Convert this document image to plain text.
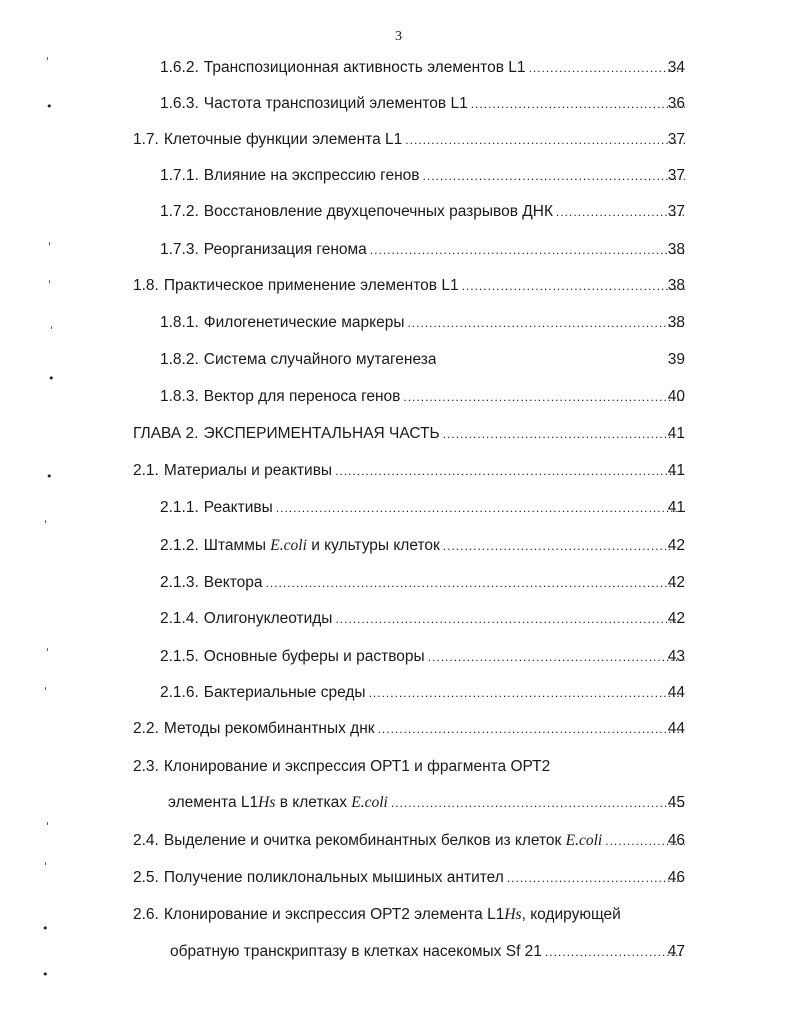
3
1.6.2. Транспозиционная активность элементов L1 .....	34
1.6.3. Частота транспозиций элементов L1 .....	36
1.7. Клеточные функции элемента L1 .....	37
1.7.1. Влияние на экспрессию генов .....	37
1.7.2. Восстановление двухцепочечных разрывов ДНК .....	37
1.7.3. Реорганизация генома .....	38
1.8. Практическое применение элементов L1 .....	38
1.8.1. Филогенетические маркеры .....	38
1.8.2. Система случайного мутагенеза	39
1.8.3. Вектор для переноса генов .....	40
ГЛАВА 2. ЭКСПЕРИМЕНТАЛЬНАЯ ЧАСТЬ .....	41
2.1. Материалы и реактивы .....	41
2.1.1. Реактивы .....	41
2.1.2. Штаммы E.coli и культуры клеток .....	42
2.1.3. Вектора .....	42
2.1.4. Олигонуклеотиды .....	42
2.1.5. Основные буферы и растворы .....	43
2.1.6. Бактериальные среды .....	44
2.2. Методы рекомбинантных днк .....	44
2.3. Клонирование и экспрессия ОРТ1 и фрагмента ОРТ2
элемента L1Hs в клетках E.coli .....	45
2.4. Выделение и очитка рекомбинантных белков из клеток E.coli .....	46
2.5. Получение поликлональных мышиных антител .....	46
2.6. Клонирование и экспрессия ОРТ2 элемента L1Hs, кодирующей
обратную транскриптазу в клетках насекомых Sf 21 .....	47
ˈ
•
ˈ
ˈ
ˈ
•
•
ˈ
ˈ
ˈ
ˈ
ˈ
•
•
